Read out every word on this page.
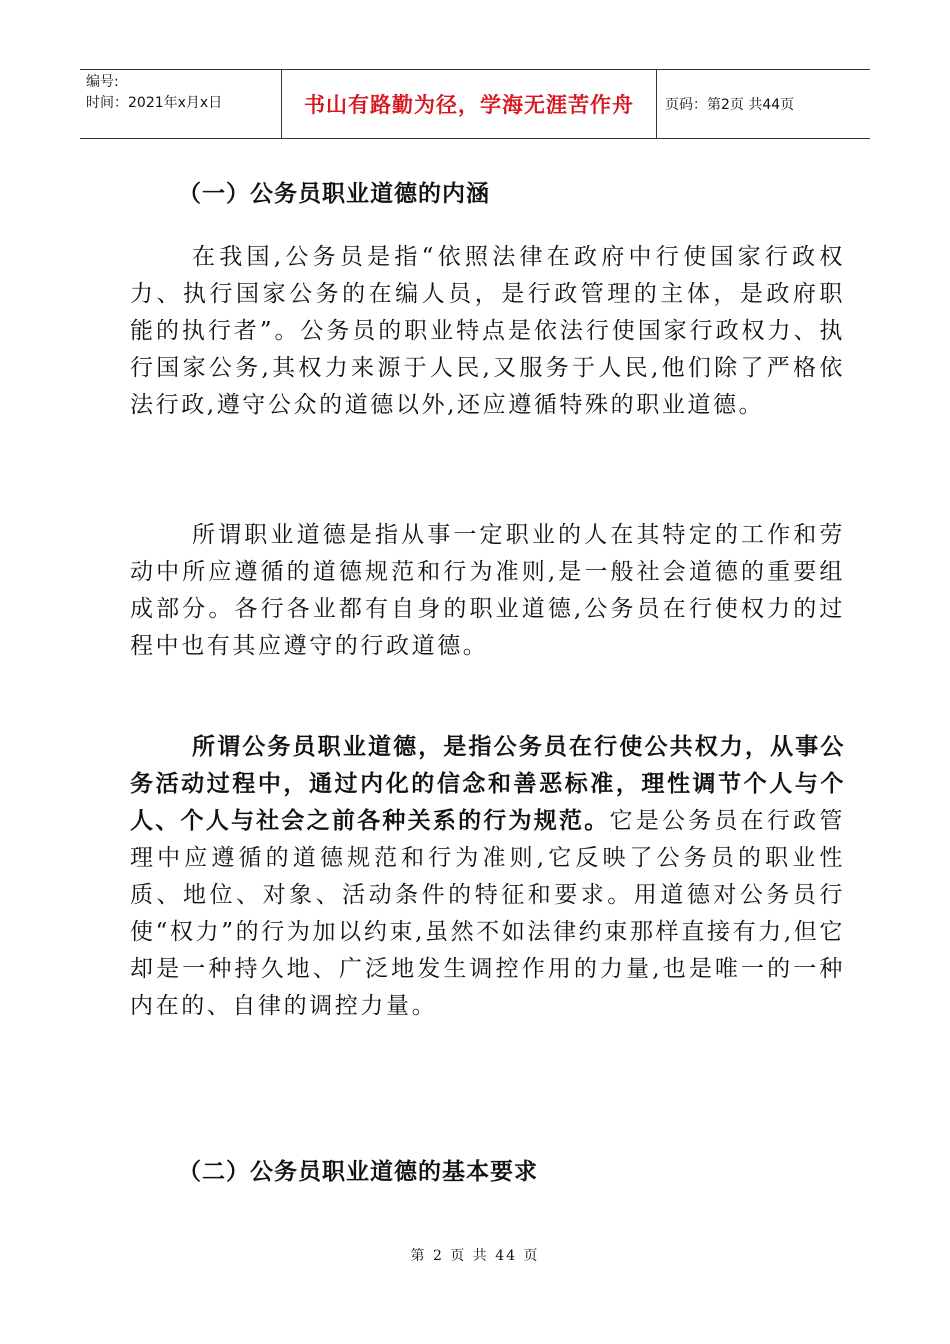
编号:
时间：2021年x月x日	书山有路勤为径，学海无涯苦作舟 页码：第2页 共44页
（一）公务员职业道德的内涵

在我国,公务员是指“依照法律在政府中行使国家行政权力、执行国家公务的在编人员，是行政管理的主体，是政府职能的执行者”。公务员的职业特点是依法行使国家行政权力、执行国家公务,其权力来源于人民,又服务于人民,他们除了严格依法行政,遵守公众的道德以外,还应遵循特殊的职业道德。

所谓职业道德是指从事一定职业的人在其特定的工作和劳动中所应遵循的道德规范和行为准则,是一般社会道德的重要组成部分。各行各业都有自身的职业道德,公务员在行使权力的过程中也有其应遵守的行政道德。

所谓公务员职业道德，是指公务员在行使公共权力，从事公务活动过程中，通过内化的信念和善恶标准，理性调节个人与个人、个人与社会之前各种关系的行为规范。它是公务员在行政管理中应遵循的道德规范和行为准则,它反映了公务员的职业性质、地位、对象、活动条件的特征和要求。用道德对公务员行使“权力”的行为加以约束,虽然不如法律约束那样直接有力,但它却是一种持久地、广泛地发生调控作用的力量,也是唯一的一种内在的、自律的调控力量。

（二）公务员职业道德的基本要求
第 2 页 共 44 页
